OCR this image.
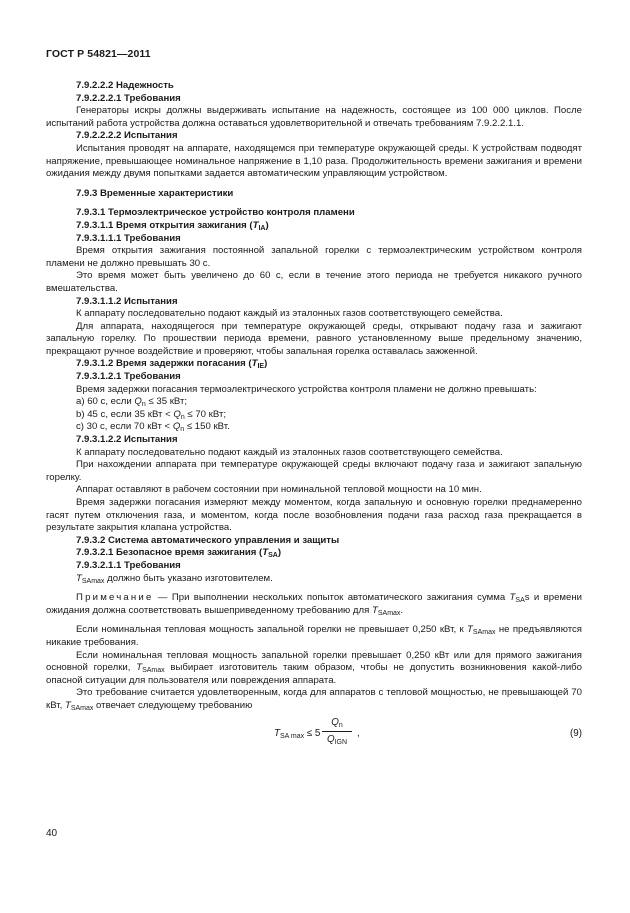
ГОСТ Р 54821—2011

7.9.2.2.2 Надежность

7.9.2.2.2.1 Требования

Генераторы искры должны выдерживать испытание на надежность, состоящее из 100 000 циклов. После испытаний работа устройства должна оставаться удовлетворительной и отвечать требованиям 7.9.2.2.1.1.

7.9.2.2.2.2 Испытания

Испытания проводят на аппарате, находящемся при температуре окружающей среды. К устройствам подводят напряжение, превышающее номинальное напряжение в 1,10 раза. Продолжительность времени зажигания и времени ожидания между двумя попытками задается автоматическим управляющим устройством.

7.9.3 Временные характеристики

7.9.3.1 Термоэлектрическое устройство контроля пламени

7.9.3.1.1 Время открытия зажигания $(T_{IA})$

7.9.3.1.1.1 Требования

Время открытия зажигания постоянной запальной горелки с термоэлектрическим устройством контроля пламени не должно превышать 30 с.

Это время может быть увеличено до 60 с, если в течение этого периода не требуется никакого ручного вмешательства.

7.9.3.1.1.2 Испытания

К аппарату последовательно подают каждый из эталонных газов соответствующего семейства.

Для аппарата, находящегося при температуре окружающей среды, открывают подачу газа и зажигают запальную горелку. По прошествии периода времени, равного установленному выше предельному значению, прекращают ручное воздействие и проверяют, чтобы запальная горелка оставалась зажженной.

7.9.3.1.2 Время задержки погасания $(T_{IE})$

7.9.3.1.2.1 Требования

Время задержки погасания термоэлектрического устройства контроля пламени не должно превышать:

a) 60 с, если $Q_n \le 35$ кВт;

b) 45 с, если 35 кВт < $Q_n \le 70$ кВт;

c) 30 с, если 70 кВт < $Q_n \le 150$ кВт.

7.9.3.1.2.2 Испытания

К аппарату последовательно подают каждый из эталонных газов соответствующего семейства.

При нахождении аппарата при температуре окружающей среды включают подачу газа и зажигают запальную горелку.

Аппарат оставляют в рабочем состоянии при номинальной тепловой мощности на 10 мин.

Время задержки погасания измеряют между моментом, когда запальную и основную горелки преднамеренно гасят путем отключения газа, и моментом, когда после возобновления подачи газа расход газа прекращается в результате закрытия клапана устройства.

7.9.3.2 Система автоматического управления и защиты

7.9.3.2.1 Безопасное время зажигания $(T_{SA})$

7.9.3.2.1.1 Требования

$T_{SAmax}$ должно быть указано изготовителем.

Примечание — При выполнении нескольких попыток автоматического зажигания сумма $T_{SA}s$ и времени ожидания должна соответствовать вышеприведенному требованию для $T_{SAmax}$.

Если номинальная тепловая мощность запальной горелки не превышает 0,250 кВт, к $T_{SAmax}$ не предъявляются никакие требования.

Если номинальная тепловая мощность запальной горелки превышает 0,250 кВт или для прямого зажигания основной горелки, $T_{SAmax}$ выбирает изготовитель таким образом, чтобы не допустить возникновения какой-либо опасной ситуации для пользователя или повреждения аппарата.

Это требование считается удовлетворенным, когда для аппаратов с тепловой мощностью, не превышающей 70 кВт, $T_{SAmax}$ отвечает следующему требованию

$T_{SA max} \le 5$
$Q_n$
$Q_{IGN}$
,	(9)
40
